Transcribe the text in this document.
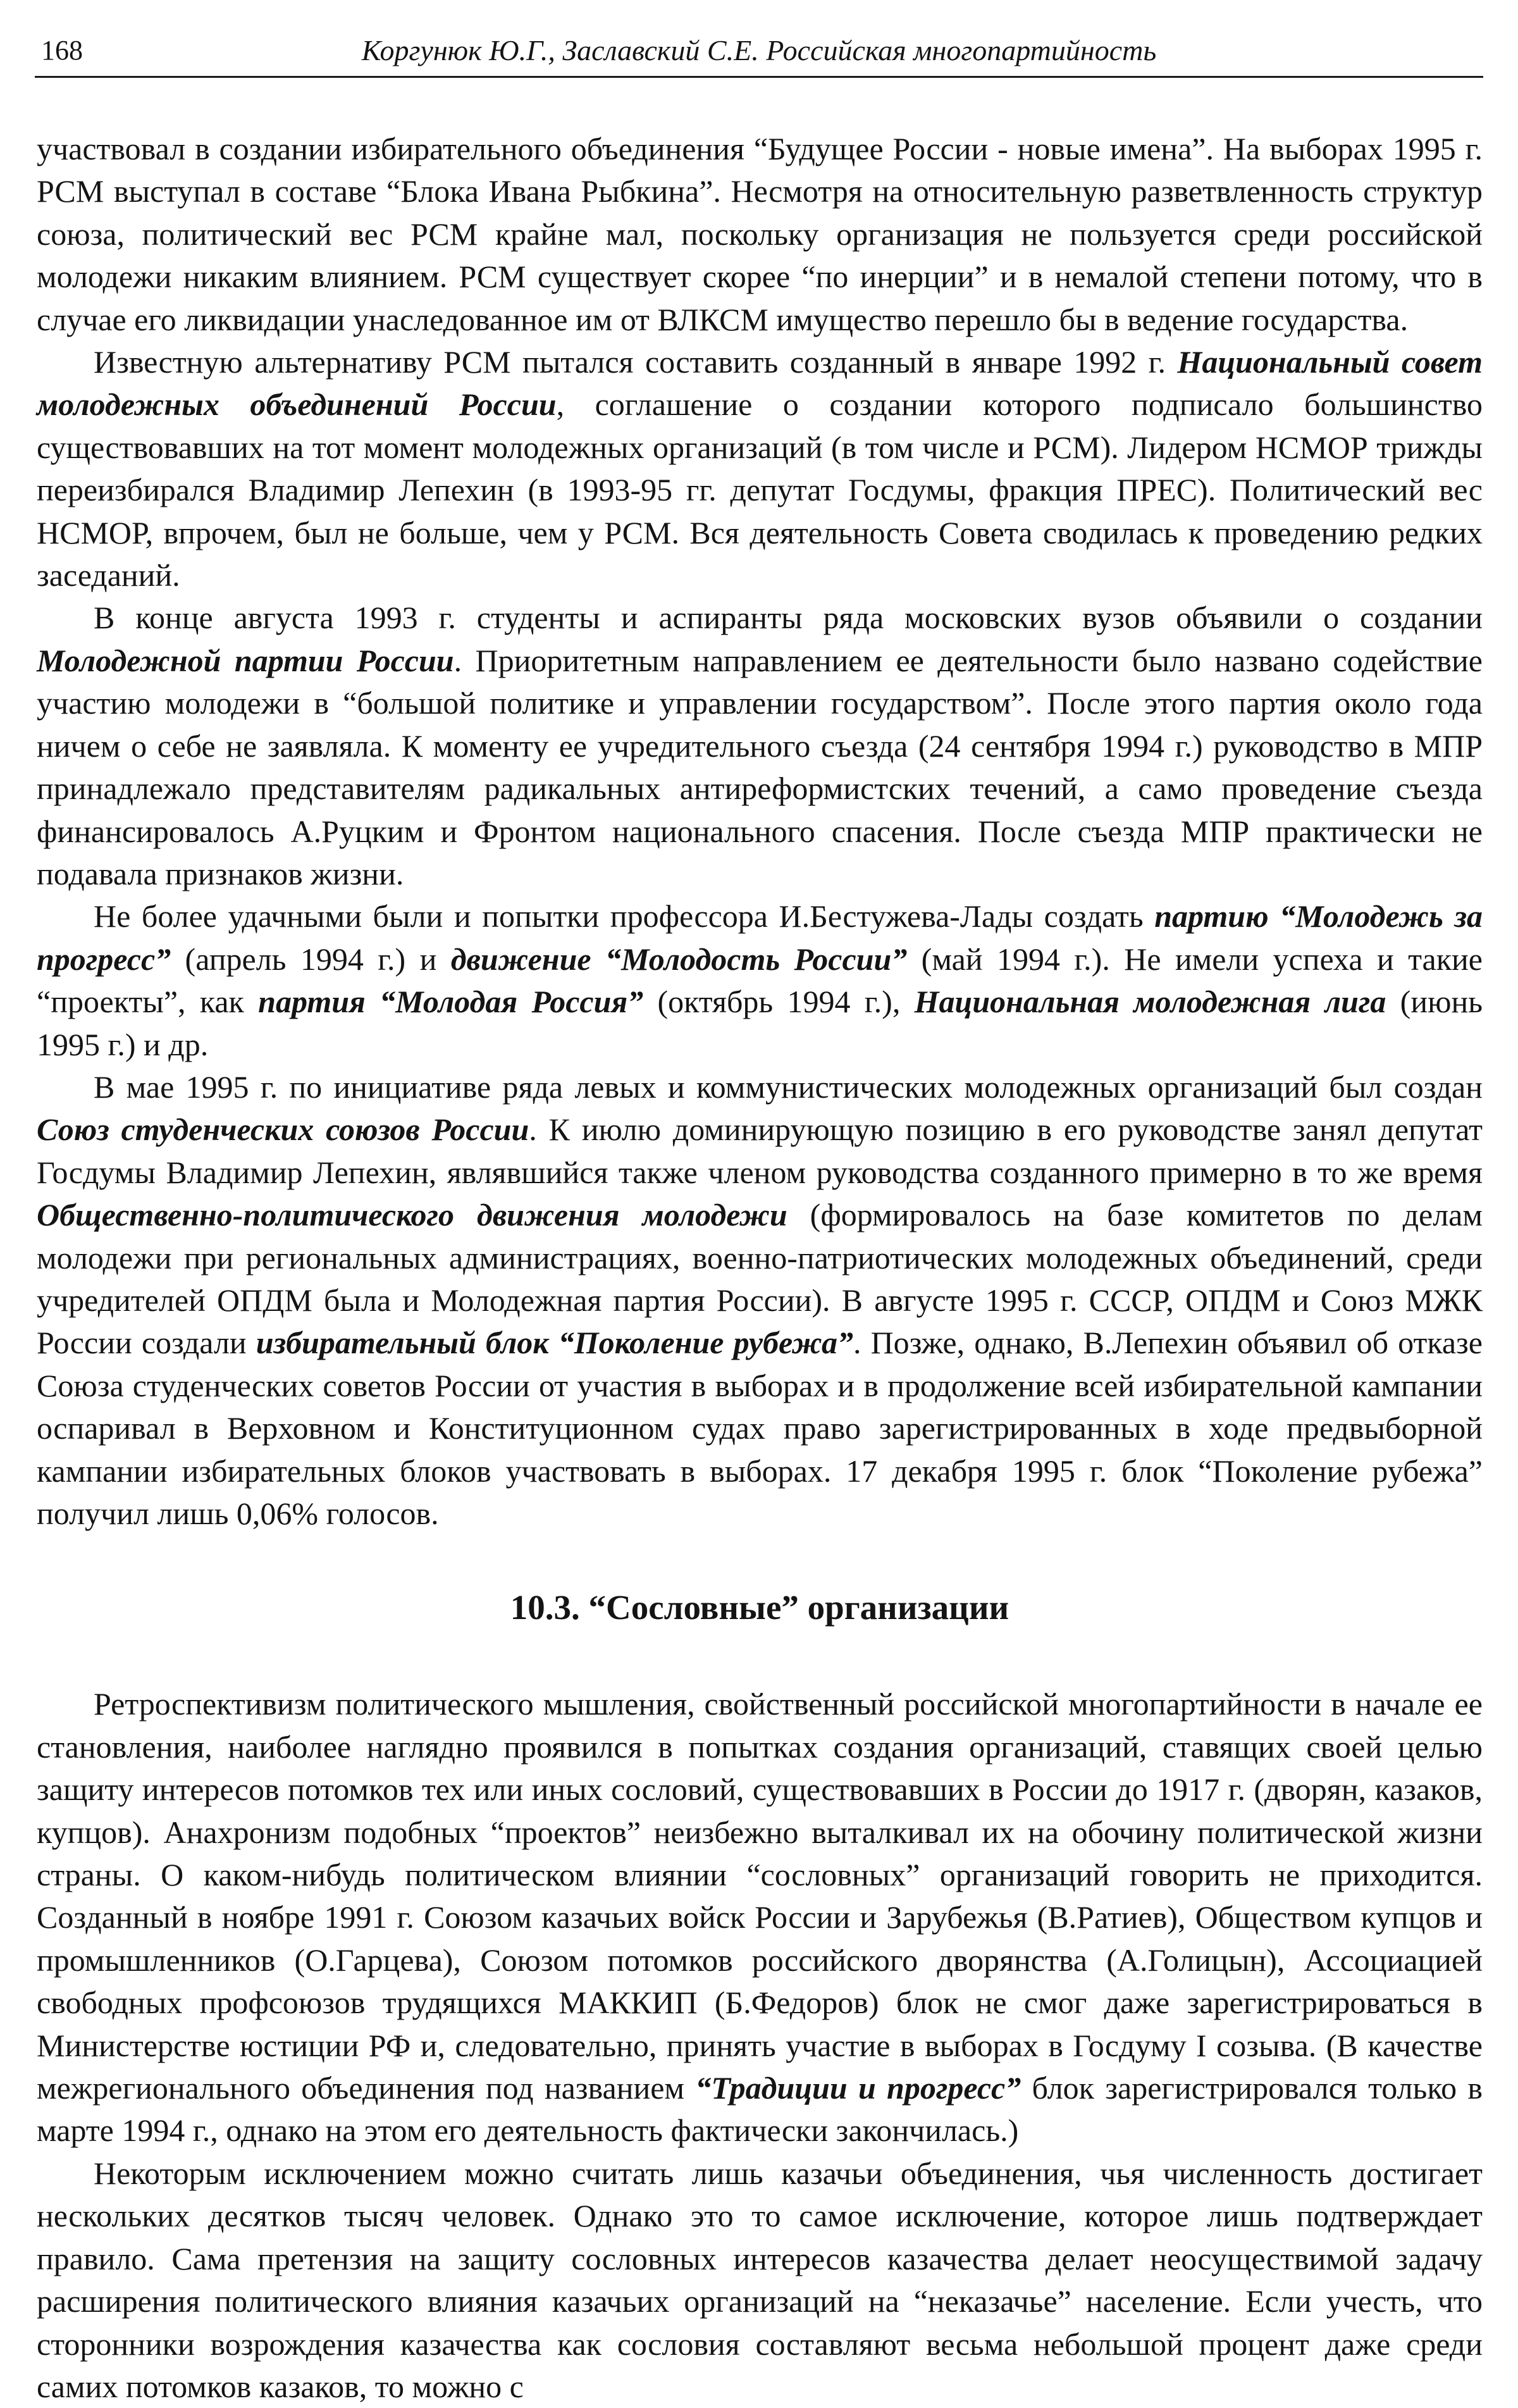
168	Коргунюк Ю.Г., Заславский С.Е. Российская многопартийность

участвовал в создании избирательного объединения “Будущее России - новые имена”. На выборах 1995 г. РСМ выступал в составе “Блока Ивана Рыбкина”. Несмотря на относительную разветвленность структур союза, политический вес РСМ крайне мал, поскольку организация не пользуется среди российской молодежи никаким влиянием. РСМ существует скорее “по инерции” и в немалой степени потому, что в случае его ликвидации унаследованное им от ВЛКСМ имущество перешло бы в ведение государства.

Известную альтернативу РСМ пытался составить созданный в январе 1992 г. Национальный совет молодежных объединений России, соглашение о создании которого подписало большинство существовавших на тот момент молодежных организаций (в том числе и РСМ). Лидером НСМОР трижды переизбирался Владимир Лепехин (в 1993-95 гг. депутат Госдумы, фракция ПРЕС). Политический вес НСМОР, впрочем, был не больше, чем у РСМ. Вся деятельность Совета сводилась к проведению редких заседаний.

В конце августа 1993 г. студенты и аспиранты ряда московских вузов объявили о создании Молодежной партии России. Приоритетным направлением ее деятельности было названо содействие участию молодежи в “большой политике и управлении государством”. После этого партия около года ничем о себе не заявляла. К моменту ее учредительного съезда (24 сентября 1994 г.) руководство в МПР принадлежало представителям радикальных антиреформистских течений, а само проведение съезда финансировалось А.Руцким и Фронтом национального спасения. После съезда МПР практически не подавала признаков жизни.

Не более удачными были и попытки профессора И.Бестужева-Лады создать партию “Молодежь за прогресс” (апрель 1994 г.) и движение “Молодость России” (май 1994 г.). Не имели успеха и такие “проекты”, как партия “Молодая Россия” (октябрь 1994 г.), Национальная молодежная лига (июнь 1995 г.) и др.

В мае 1995 г. по инициативе ряда левых и коммунистических молодежных организаций был создан Союз студенческих союзов России. К июлю доминирующую позицию в его руководстве занял депутат Госдумы Владимир Лепехин, являвшийся также членом руководства созданного примерно в то же время Общественно-политического движения молодежи (формировалось на базе комитетов по делам молодежи при региональных администрациях, военно-патриотических молодежных объединений, среди учредителей ОПДМ была и Молодежная партия России). В августе 1995 г. СССР, ОПДМ и Союз МЖК России создали избирательный блок “Поколение рубежа”. Позже, однако, В.Лепехин объявил об отказе Союза студенческих советов России от участия в выборах и в продолжение всей избирательной кампании оспаривал в Верховном и Конституционном судах право зарегистрированных в ходе предвыборной кампании избирательных блоков участвовать в выборах. 17 декабря 1995 г. блок “Поколение рубежа” получил лишь 0,06% голосов.

10.3. “Сословные” организации

Ретроспективизм политического мышления, свойственный российской многопартийности в начале ее становления, наиболее наглядно проявился в попытках создания организаций, ставящих своей целью защиту интересов потомков тех или иных сословий, существовавших в России до 1917 г. (дворян, казаков, купцов). Анахронизм подобных “проектов” неизбежно выталкивал их на обочину политической жизни страны. О каком-нибудь политическом влиянии “сословных” организаций говорить не приходится. Созданный в ноябре 1991 г. Союзом казачьих войск России и Зарубежья (В.Ратиев), Обществом купцов и промышленников (О.Гарцева), Союзом потомков российского дворянства (А.Голицын), Ассоциацией свободных профсоюзов трудящихся МАККИП (Б.Федоров) блок не смог даже зарегистрироваться в Министерстве юстиции РФ и, следовательно, принять участие в выборах в Госдуму I созыва. (В качестве межрегионального объединения под названием “Традиции и прогресс” блок зарегистрировался только в марте 1994 г., однако на этом его деятельность фактически закончилась.)

Некоторым исключением можно считать лишь казачьи объединения, чья численность достигает нескольких десятков тысяч человек. Однако это то самое исключение, которое лишь подтверждает правило. Сама претензия на защиту сословных интересов казачества делает неосуществимой задачу расширения политического влияния казачьих организаций на “неказачье” население. Если учесть, что сторонники возрождения казачества как сословия составляют весьма небольшой процент даже среди самих потомков казаков, то можно с
